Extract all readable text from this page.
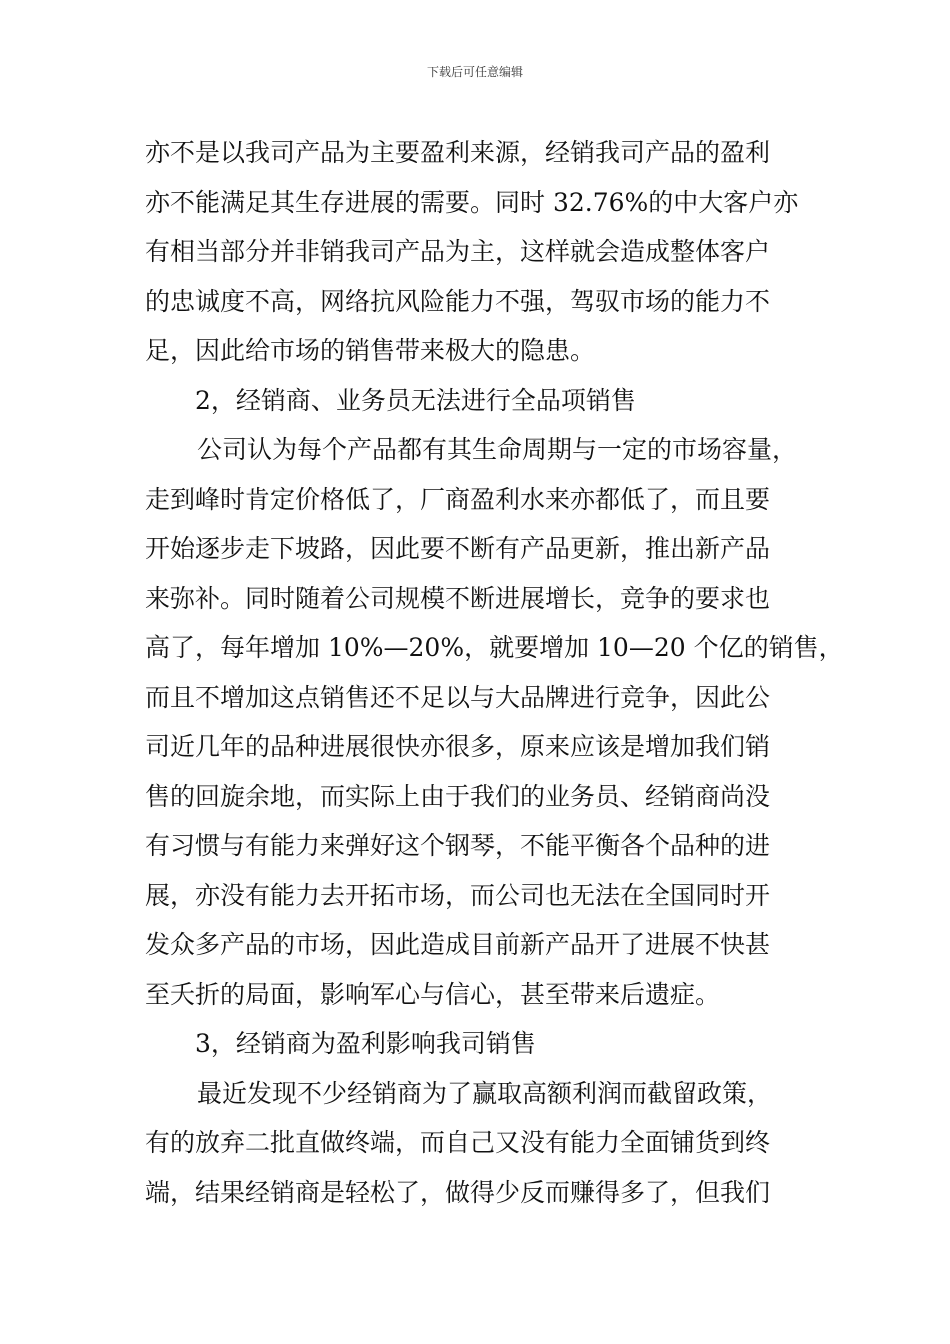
下载后可任意编辑
亦不是以我司产品为主要盈利来源，经销我司产品的盈利
亦不能满足其生存进展的需要。同时 32.76%的中大客户亦
有相当部分并非销我司产品为主，这样就会造成整体客户
的忠诚度不高，网络抗风险能力不强，驾驭市场的能力不
足，因此给市场的销售带来极大的隐患。
2，经销商、业务员无法进行全品项销售
公司认为每个产品都有其生命周期与一定的市场容量，
走到峰时肯定价格低了，厂商盈利水来亦都低了，而且要
开始逐步走下坡路，因此要不断有产品更新，推出新产品
来弥补。同时随着公司规模不断进展增长，竞争的要求也
高了，每年增加 10%—20%，就要增加 10—20 个亿的销售，
而且不增加这点销售还不足以与大品牌进行竞争，因此公
司近几年的品种进展很快亦很多，原来应该是增加我们销
售的回旋余地，而实际上由于我们的业务员、经销商尚没
有习惯与有能力来弹好这个钢琴，不能平衡各个品种的进
展，亦没有能力去开拓市场，而公司也无法在全国同时开
发众多产品的市场，因此造成目前新产品开了进展不快甚
至夭折的局面，影响军心与信心，甚至带来后遗症。
3，经销商为盈利影响我司销售
最近发现不少经销商为了赢取高额利润而截留政策，
有的放弃二批直做终端，而自己又没有能力全面铺货到终
端，结果经销商是轻松了，做得少反而赚得多了，但我们
